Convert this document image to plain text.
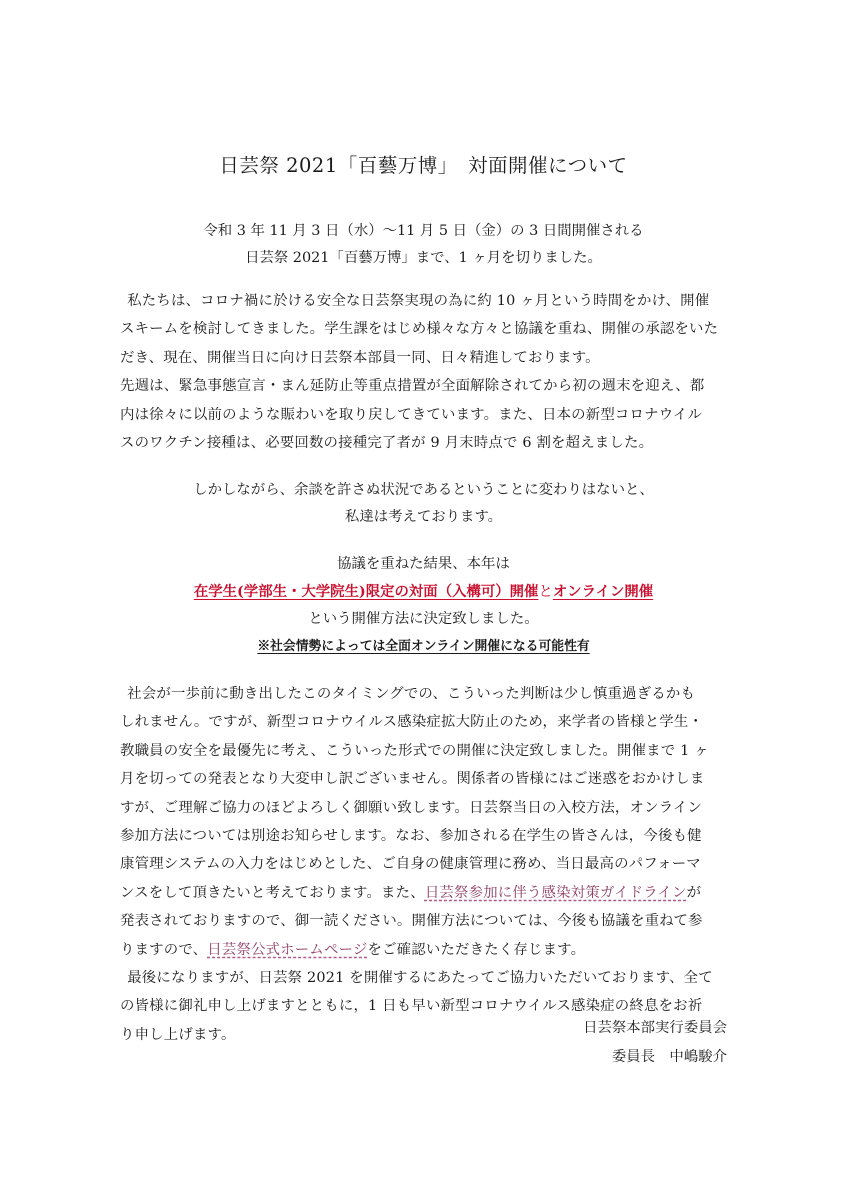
日芸祭 2021「百藝万博」　対面開催について
令和 3 年 11 月 3 日（水）～11 月 5 日（金）の 3 日間開催される
日芸祭 2021「百藝万博」まで、1 ヶ月を切りました。
私たちは、コロナ禍に於ける安全な日芸祭実現の為に約 10 ヶ月という時間をかけ、開催
スキームを検討してきました。学生課をはじめ様々な方々と協議を重ね、開催の承認をいた
だき、現在、開催当日に向け日芸祭本部員一同、日々精進しております。
先週は、緊急事態宣言・まん延防止等重点措置が全面解除されてから初の週末を迎え、都
内は徐々に以前のような賑わいを取り戻してきています。また、日本の新型コロナウイル
スのワクチン接種は、必要回数の接種完了者が 9 月末時点で 6 割を超えました。
しかしながら、余談を許さぬ状況であるということに変わりはないと、
私達は考えております。
協議を重ねた結果、本年は
在学生(学部生・大学院生)限定の対面（入構可）開催とオンライン開催
という開催方法に決定致しました。
※社会情勢によっては全面オンライン開催になる可能性有
社会が一歩前に動き出したこのタイミングでの、こういった判断は少し慎重過ぎるかも
しれません。ですが、新型コロナウイルス感染症拡大防止のため，来学者の皆様と学生・
教職員の安全を最優先に考え、こういった形式での開催に決定致しました。開催まで 1 ヶ
月を切っての発表となり大変申し訳ございません。関係者の皆様にはご迷惑をおかけしま
すが、ご理解ご協力のほどよろしく御願い致します。日芸祭当日の入校方法，オンライン
参加方法については別途お知らせします。なお、参加される在学生の皆さんは，今後も健
康管理システムの入力をはじめとした、ご自身の健康管理に務め、当日最高のパフォーマ
ンスをして頂きたいと考えております。また、日芸祭参加に伴う感染対策ガイドラインが
発表されておりますので、御一読ください。開催方法については、今後も協議を重ねて参
りますので、日芸祭公式ホームページをご確認いただきたく存じます。
最後になりますが、日芸祭 2021 を開催するにあたってご協力いただいております、全て
の皆様に御礼申し上げますとともに，1 日も早い新型コロナウイルス感染症の終息をお祈
り申し上げます。	日芸祭本部実行委員会
委員長　中嶋駿介
